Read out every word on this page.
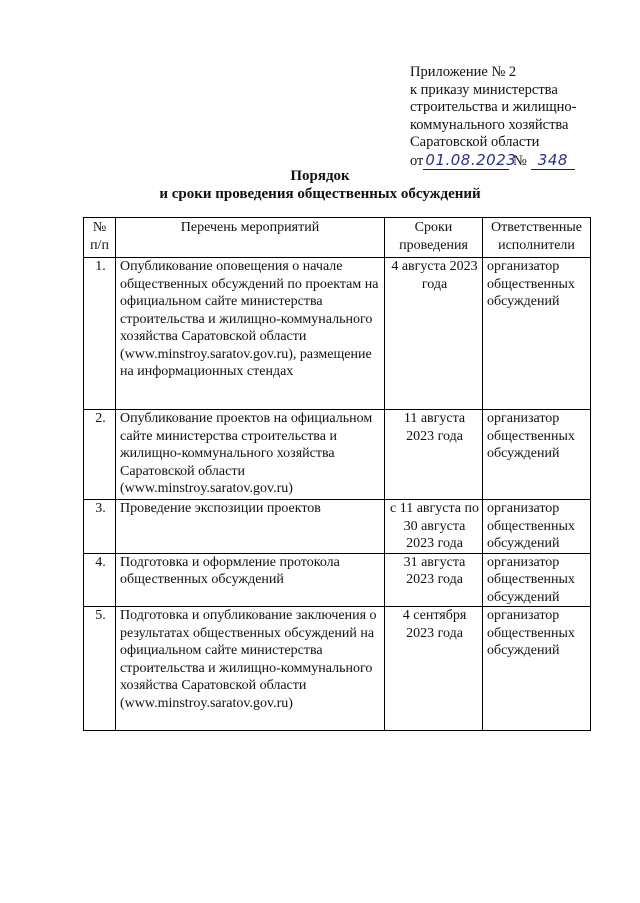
Приложение № 2
к приказу министерства
строительства и жилищно-
коммунального хозяйства
Саратовской области
от 01.08.2023 № 348
Порядок
и сроки проведения общественных обсуждений
№ п/п	Перечень мероприятий	Сроки проведения	Ответственные исполнители
1.	Опубликование оповещения о начале общественных обсуждений по проектам на официальном сайте министерства строительства и жилищно-коммунального хозяйства Саратовской области (www.minstroy.saratov.gov.ru), размещение на информационных стендах	4 августа 2023 года	организатор общественных обсуждений
2.	Опубликование проектов на официальном сайте министерства строительства и жилищно-коммунального хозяйства Саратовской области (www.minstroy.saratov.gov.ru)	11 августа 2023 года	организатор общественных обсуждений
3.	Проведение экспозиции проектов	с 11 августа по 30 августа 2023 года	организатор общественных обсуждений
4.	Подготовка и оформление протокола общественных обсуждений	31 августа 2023 года	организатор общественных обсуждений
5.	Подготовка и опубликование заключения о результатах общественных обсуждений на официальном сайте министерства строительства и жилищно-коммунального хозяйства Саратовской области (www.minstroy.saratov.gov.ru)	4 сентября 2023 года	организатор общественных обсуждений
